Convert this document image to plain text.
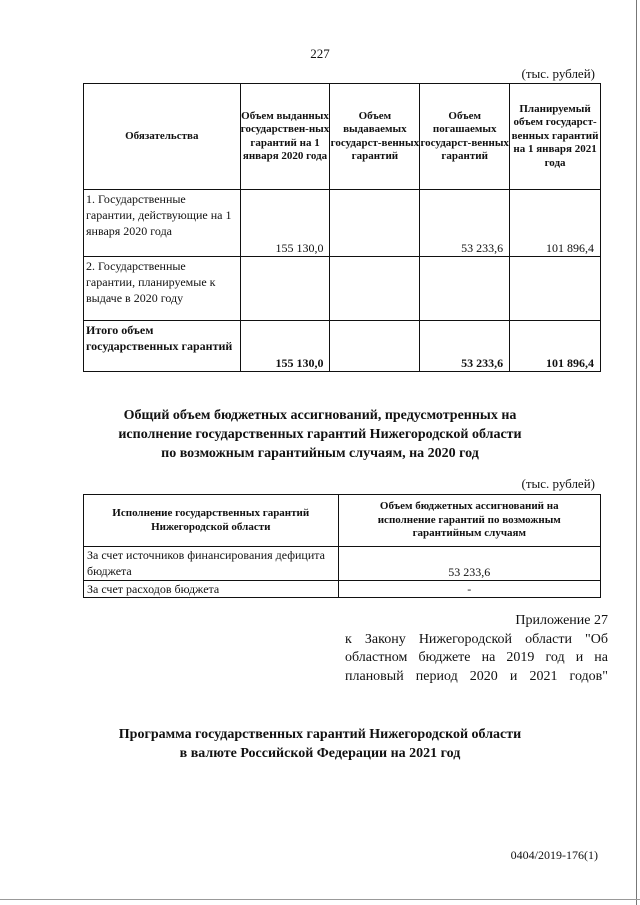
227
(тыс. рублей)
Обязательства	Объем выданных государствен-ных гарантий на 1 января 2020 года	Объем выдаваемых государст-венных гарантий	Объем погашаемых государст-венных гарантий	Планируемый объем государст-венных гарантий на 1 января 2021 года
1. Государственные гарантии, действующие на 1 января 2020 года	155 130,0		53 233,6	101 896,4
2. Государственные гарантии, планируемые к выдаче в 2020 году				
Итого объем государственных гарантий	155 130,0		53 233,6	101 896,4
Общий объем бюджетных ассигнований, предусмотренных на исполнение государственных гарантий Нижегородской области по возможным гарантийным случаям, на 2020 год
(тыс. рублей)
Исполнение государственных гарантий Нижегородской области	Объем бюджетных ассигнований на исполнение гарантий по возможным гарантийным случаям
За счет источников финансирования дефицита бюджета	53 233,6
За счет расходов бюджета	-
Приложение 27
к Закону Нижегородской области "Об
областном бюджете на 2019 год и на
плановый период 2020 и 2021 годов"
Программа государственных гарантий Нижегородской области
в валюте Российской Федерации на 2021 год
0404/2019-176(1)
